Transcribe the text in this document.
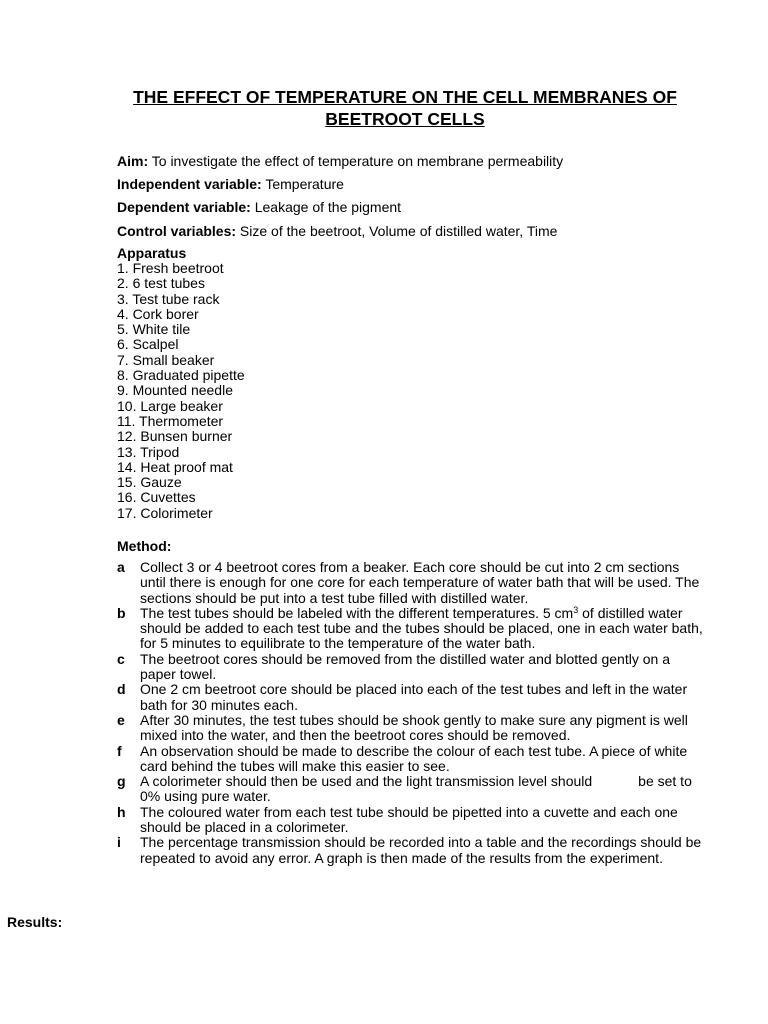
THE EFFECT OF TEMPERATURE ON THE CELL MEMBRANES OF BEETROOT CELLS
Aim: To investigate the effect of temperature on membrane permeability
Independent variable: Temperature
Dependent variable: Leakage of the pigment
Control variables: Size of the beetroot, Volume of distilled water, Time
Apparatus
1. Fresh beetroot
2. 6 test tubes
3. Test tube rack
4. Cork borer
5. White tile
6. Scalpel
7. Small beaker
8. Graduated pipette
9. Mounted needle
10. Large beaker
11. Thermometer
12. Bunsen burner
13. Tripod
14. Heat proof mat
15. Gauze
16. Cuvettes
17. Colorimeter
Method:
a	Collect 3 or 4 beetroot cores from a beaker. Each core should be cut into 2 cm sections until there is enough for one core for each temperature of water bath that will be used. The sections should be put into a test tube filled with distilled water.
b	The test tubes should be labeled with the different temperatures. 5 $cm^3$ of distilled water should be added to each test tube and the tubes should be placed, one in each water bath, for 5 minutes to equilibrate to the temperature of the water bath.
c	The beetroot cores should be removed from the distilled water and blotted gently on a paper towel.
d	One 2 cm beetroot core should be placed into each of the test tubes and left in the water bath for 30 minutes each.
e	After 30 minutes, the test tubes should be shook gently to make sure any pigment is well mixed into the water, and then the beetroot cores should be removed.
f	An observation should be made to describe the colour of each test tube. A piece of white card behind the tubes will make this easier to see.
g	A colorimeter should then be used and the light transmission level should	be set to 0% using pure water.
h	The coloured water from each test tube should be pipetted into a cuvette and each one should be placed in a colorimeter.
i	The percentage transmission should be recorded into a table and the recordings should be repeated to avoid any error. A graph is then made of the results from the experiment.
Results:
